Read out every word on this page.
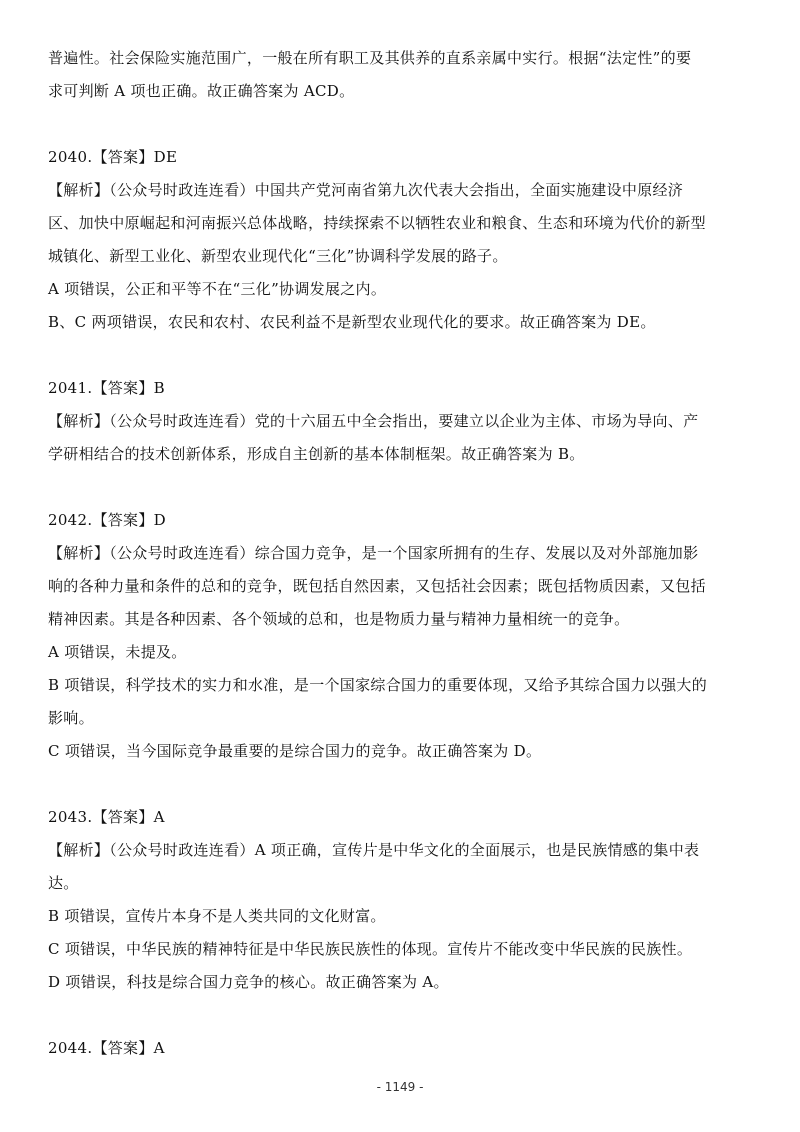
普遍性。社会保险实施范围广，一般在所有职工及其供养的直系亲属中实行。根据“法定性”的要

求可判断 A 项也正确。故正确答案为 ACD。

2040.【答案】DE

【解析】（公众号时政连连看）中国共产党河南省第九次代表大会指出，全面实施建设中原经济

区、加快中原崛起和河南振兴总体战略，持续探索不以牺牲农业和粮食、生态和环境为代价的新型

城镇化、新型工业化、新型农业现代化“三化”协调科学发展的路子。

A 项错误，公正和平等不在“三化”协调发展之内。

B、C 两项错误，农民和农村、农民利益不是新型农业现代化的要求。故正确答案为 DE。

2041.【答案】B

【解析】（公众号时政连连看）党的十六届五中全会指出，要建立以企业为主体、市场为导向、产

学研相结合的技术创新体系，形成自主创新的基本体制框架。故正确答案为 B。

2042.【答案】D

【解析】（公众号时政连连看）综合国力竞争，是一个国家所拥有的生存、发展以及对外部施加影

响的各种力量和条件的总和的竞争，既包括自然因素，又包括社会因素；既包括物质因素，又包括

精神因素。其是各种因素、各个领域的总和，也是物质力量与精神力量相统一的竞争。

A 项错误，未提及。

B 项错误，科学技术的实力和水准，是一个国家综合国力的重要体现，又给予其综合国力以强大的

影响。

C 项错误，当今国际竞争最重要的是综合国力的竞争。故正确答案为 D。

2043.【答案】A

【解析】（公众号时政连连看）A 项正确，宣传片是中华文化的全面展示，也是民族情感的集中表

达。

B 项错误，宣传片本身不是人类共同的文化财富。

C 项错误，中华民族的精神特征是中华民族民族性的体现。宣传片不能改变中华民族的民族性。

D 项错误，科技是综合国力竞争的核心。故正确答案为 A。

2044.【答案】A

- 1149 -
